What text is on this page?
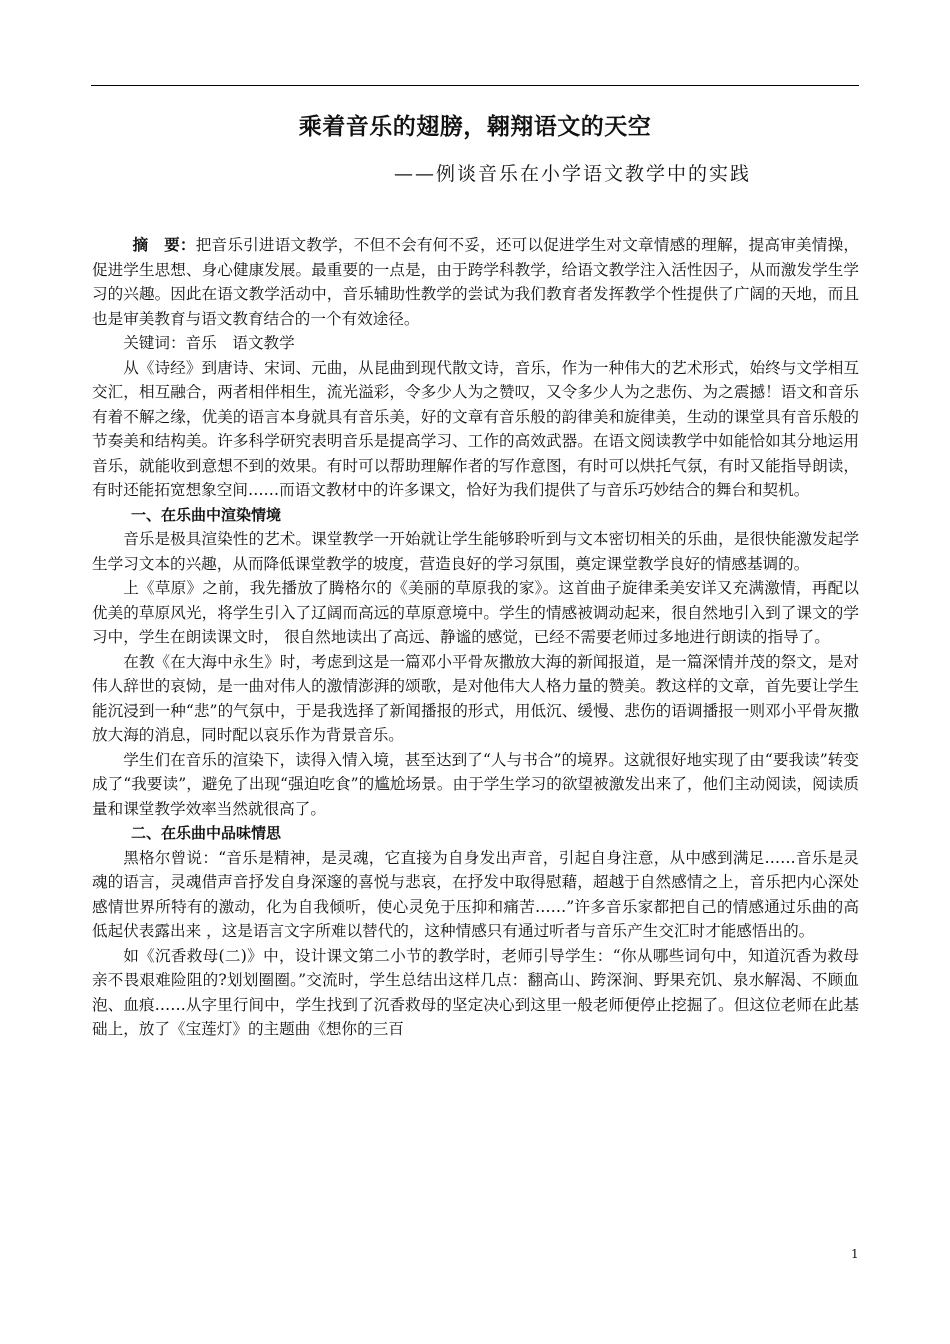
乘着音乐的翅膀，翱翔语文的天空
——例谈音乐在小学语文教学中的实践

摘　要：把音乐引进语文教学，不但不会有何不妥，还可以促进学生对文章情感的理解，提高审美情操，促进学生思想、身心健康发展。最重要的一点是，由于跨学科教学，给语文教学注入活性因子，从而激发学生学习的兴趣。因此在语文教学活动中，音乐辅助性教学的尝试为我们教育者发挥教学个性提供了广阔的天地，而且也是审美教育与语文教育结合的一个有效途径。

关键词：音乐　语文教学

从《诗经》到唐诗、宋词、元曲，从昆曲到现代散文诗，音乐，作为一种伟大的艺术形式，始终与文学相互交汇，相互融合，两者相伴相生，流光溢彩，令多少人为之赞叹，又令多少人为之悲伤、为之震撼！语文和音乐有着不解之缘，优美的语言本身就具有音乐美，好的文章有音乐般的韵律美和旋律美，生动的课堂具有音乐般的节奏美和结构美。许多科学研究表明音乐是提高学习、工作的高效武器。在语文阅读教学中如能恰如其分地运用音乐，就能收到意想不到的效果。有时可以帮助理解作者的写作意图，有时可以烘托气氛，有时又能指导朗读，有时还能拓宽想象空间……而语文教材中的许多课文，恰好为我们提供了与音乐巧妙结合的舞台和契机。

一、在乐曲中渲染情境

音乐是极具渲染性的艺术。课堂教学一开始就让学生能够聆听到与文本密切相关的乐曲，是很快能激发起学生学习文本的兴趣，从而降低课堂教学的坡度，营造良好的学习氛围，奠定课堂教学良好的情感基调的。

上《草原》之前，我先播放了腾格尔的《美丽的草原我的家》。这首曲子旋律柔美安详又充满激情，再配以优美的草原风光，将学生引入了辽阔而高远的草原意境中。学生的情感被调动起来，很自然地引入到了课文的学习中，学生在朗读课文时， 很自然地读出了高远、静谧的感觉，已经不需要老师过多地进行朗读的指导了。

在教《在大海中永生》时，考虑到这是一篇邓小平骨灰撒放大海的新闻报道，是一篇深情并茂的祭文，是对伟人辞世的哀恸，是一曲对伟人的激情澎湃的颂歌，是对他伟大人格力量的赞美。教这样的文章，首先要让学生能沉浸到一种“悲”的气氛中，于是我选择了新闻播报的形式，用低沉、缓慢、悲伤的语调播报一则邓小平骨灰撒放大海的消息，同时配以哀乐作为背景音乐。

学生们在音乐的渲染下，读得入情入境，甚至达到了“人与书合”的境界。这就很好地实现了由“要我读”转变成了“我要读”，避免了出现“强迫吃食”的尴尬场景。由于学生学习的欲望被激发出来了，他们主动阅读，阅读质量和课堂教学效率当然就很高了。

二、在乐曲中品味情思

黑格尔曾说：“音乐是精神，是灵魂，它直接为自身发出声音，引起自身注意，从中感到满足……音乐是灵魂的语言，灵魂借声音抒发自身深邃的喜悦与悲哀，在抒发中取得慰藉，超越于自然感情之上，音乐把内心深处感情世界所特有的激动，化为自我倾听，使心灵免于压抑和痛苦……”许多音乐家都把自己的情感通过乐曲的高低起伏表露出来 ，这是语言文字所难以替代的，这种情感只有通过听者与音乐产生交汇时才能感悟出的。

如《沉香救母(二)》中，设计课文第二小节的教学时，老师引导学生：“你从哪些词句中，知道沉香为救母亲不畏艰难险阻的?划划圈圈。”交流时，学生总结出这样几点：翻高山、跨深涧、野果充饥、泉水解渴、不顾血泡、血痕……从字里行间中，学生找到了沉香救母的坚定决心到这里一般老师便停止挖掘了。但这位老师在此基础上，放了《宝莲灯》的主题曲《想你的三百

1
